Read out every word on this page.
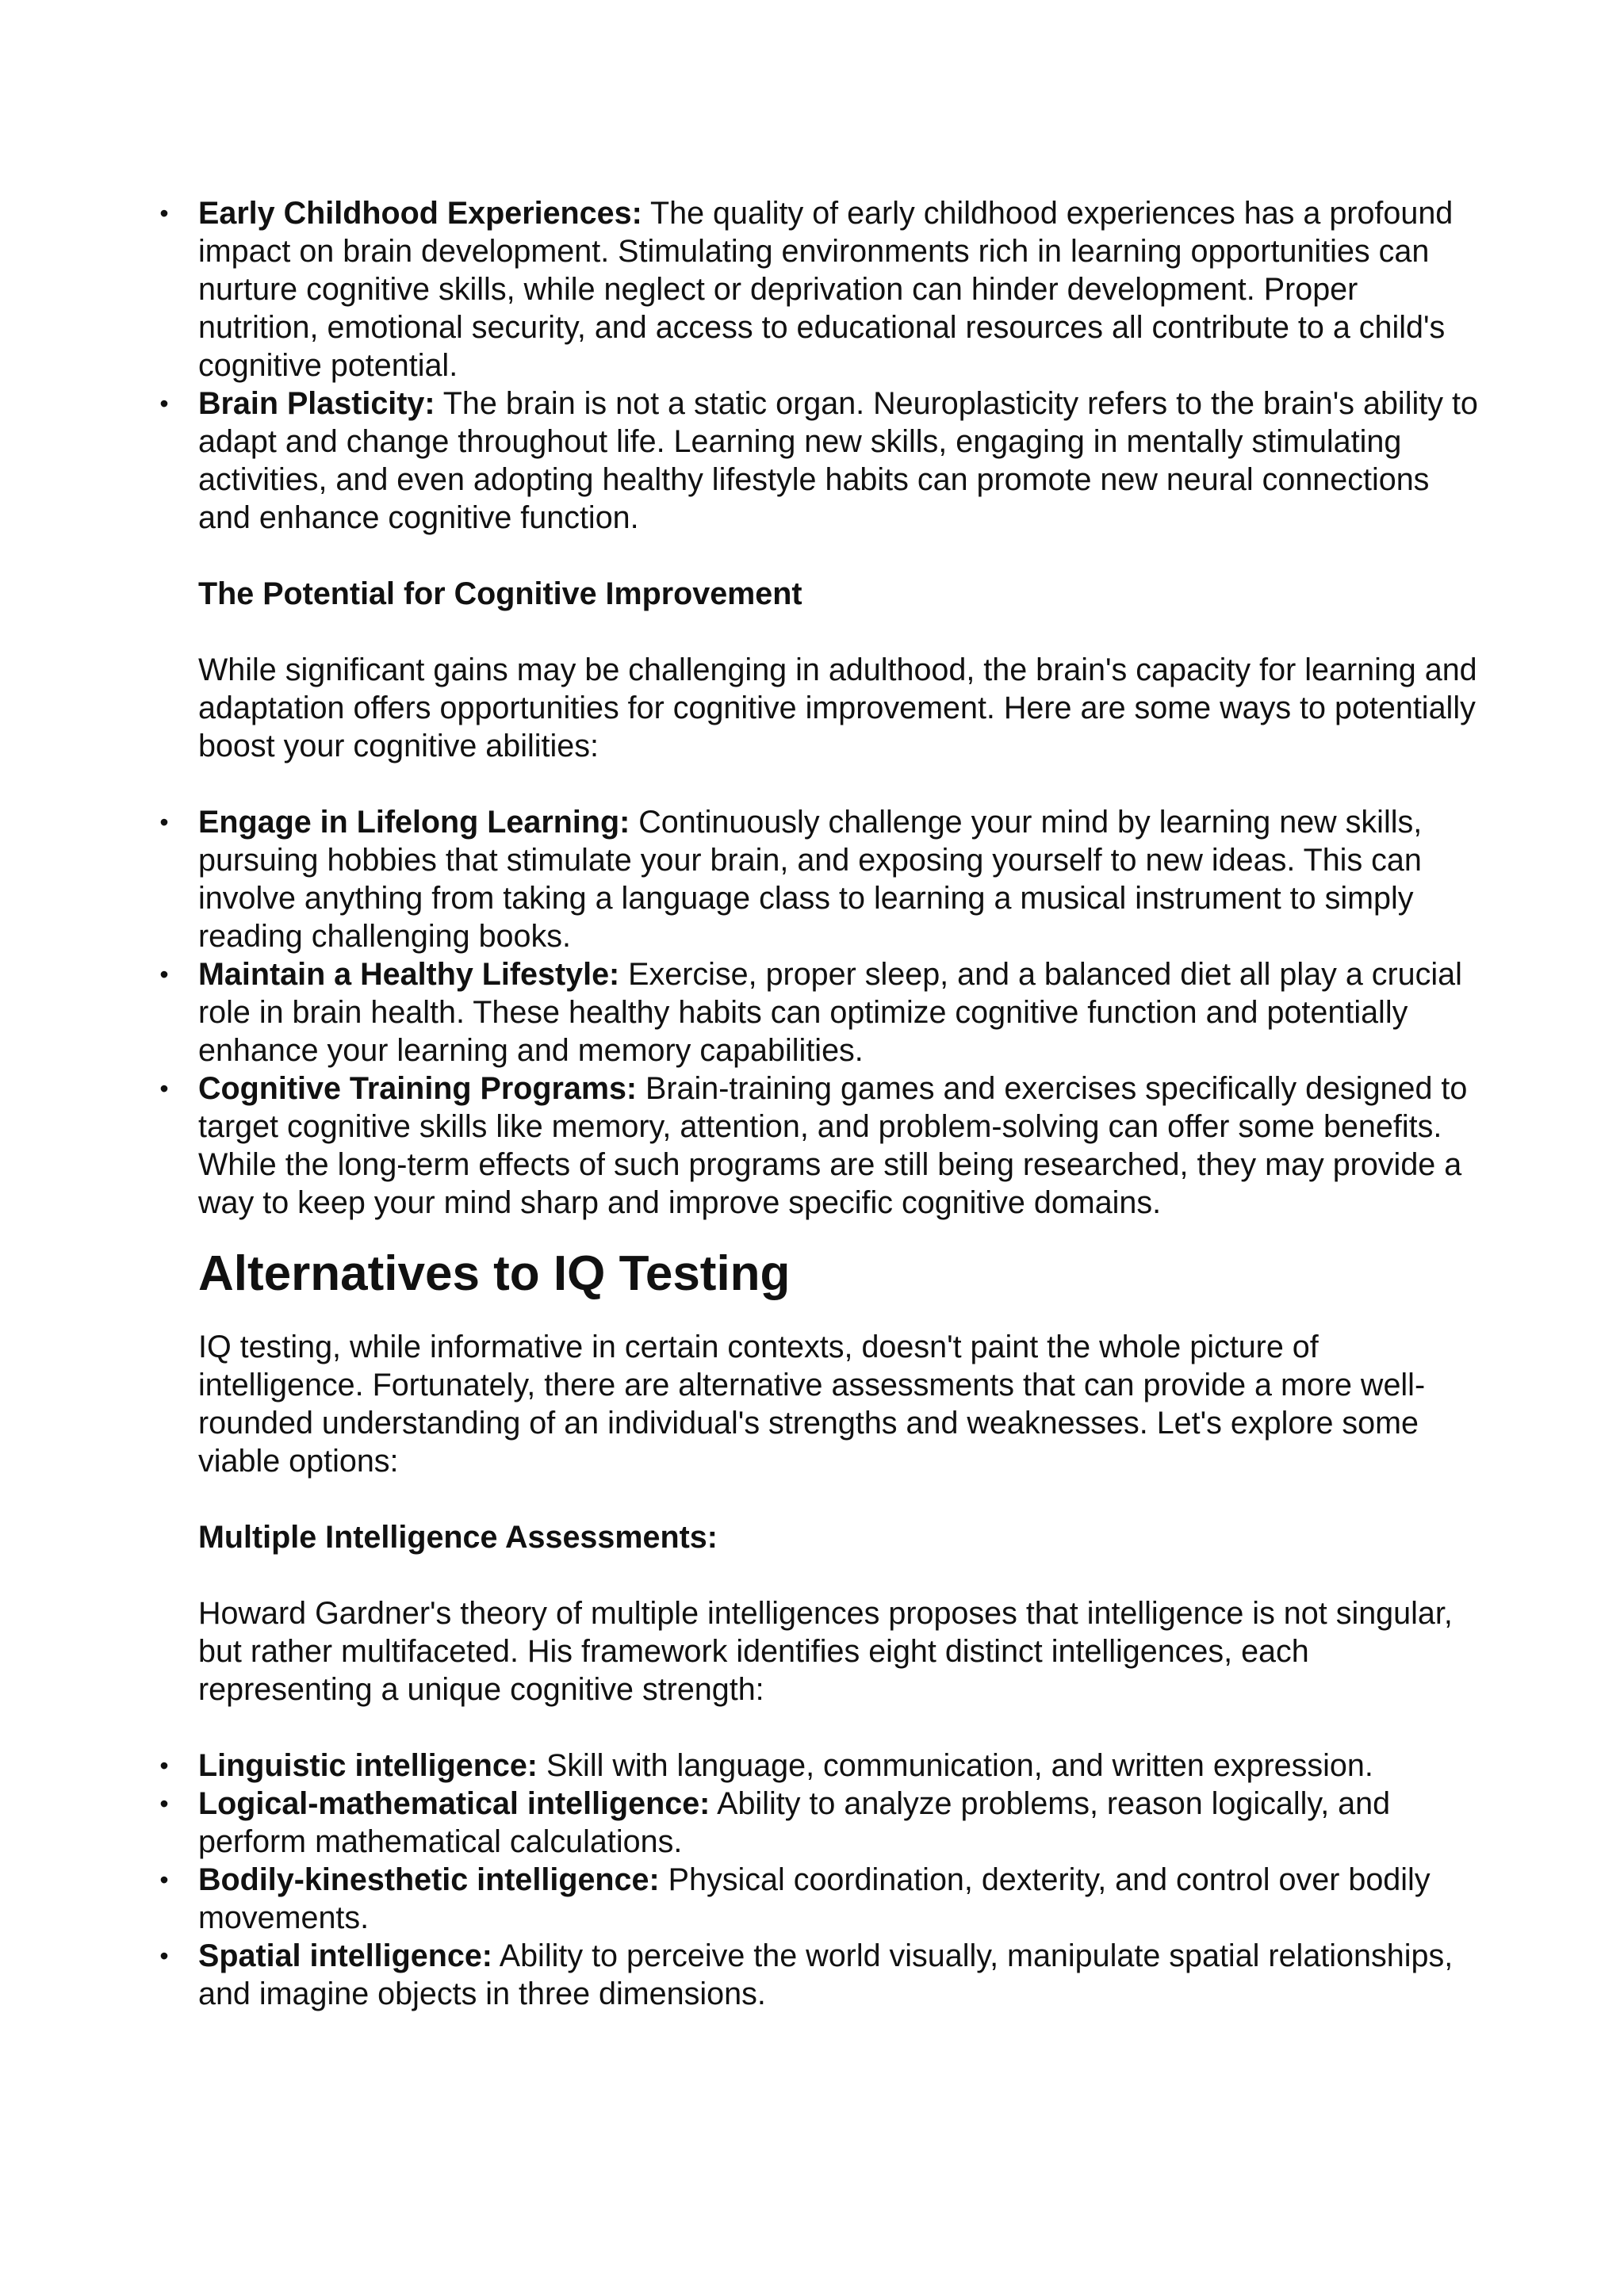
• Early Childhood Experiences: The quality of early childhood experiences has a profound impact on brain development. Stimulating environments rich in learning opportunities can nurture cognitive skills, while neglect or deprivation can hinder development. Proper nutrition, emotional security, and access to educational resources all contribute to a child's cognitive potential.
• Brain Plasticity: The brain is not a static organ. Neuroplasticity refers to the brain's ability to adapt and change throughout life. Learning new skills, engaging in mentally stimulating activities, and even adopting healthy lifestyle habits can promote new neural connections and enhance cognitive function.

The Potential for Cognitive Improvement

While significant gains may be challenging in adulthood, the brain's capacity for learning and adaptation offers opportunities for cognitive improvement. Here are some ways to potentially boost your cognitive abilities:

• Engage in Lifelong Learning: Continuously challenge your mind by learning new skills, pursuing hobbies that stimulate your brain, and exposing yourself to new ideas. This can involve anything from taking a language class to learning a musical instrument to simply reading challenging books.
• Maintain a Healthy Lifestyle: Exercise, proper sleep, and a balanced diet all play a crucial role in brain health. These healthy habits can optimize cognitive function and potentially enhance your learning and memory capabilities.
• Cognitive Training Programs: Brain-training games and exercises specifically designed to target cognitive skills like memory, attention, and problem-solving can offer some benefits. While the long-term effects of such programs are still being researched, they may provide a way to keep your mind sharp and improve specific cognitive domains.
Alternatives to IQ Testing

IQ testing, while informative in certain contexts, doesn't paint the whole picture of intelligence. Fortunately, there are alternative assessments that can provide a more well-rounded understanding of an individual's strengths and weaknesses. Let's explore some viable options:

Multiple Intelligence Assessments:

Howard Gardner's theory of multiple intelligences proposes that intelligence is not singular, but rather multifaceted. His framework identifies eight distinct intelligences, each representing a unique cognitive strength:

• Linguistic intelligence: Skill with language, communication, and written expression.
• Logical-mathematical intelligence: Ability to analyze problems, reason logically, and perform mathematical calculations.
• Bodily-kinesthetic intelligence: Physical coordination, dexterity, and control over bodily movements.
• Spatial intelligence: Ability to perceive the world visually, manipulate spatial relationships, and imagine objects in three dimensions.
